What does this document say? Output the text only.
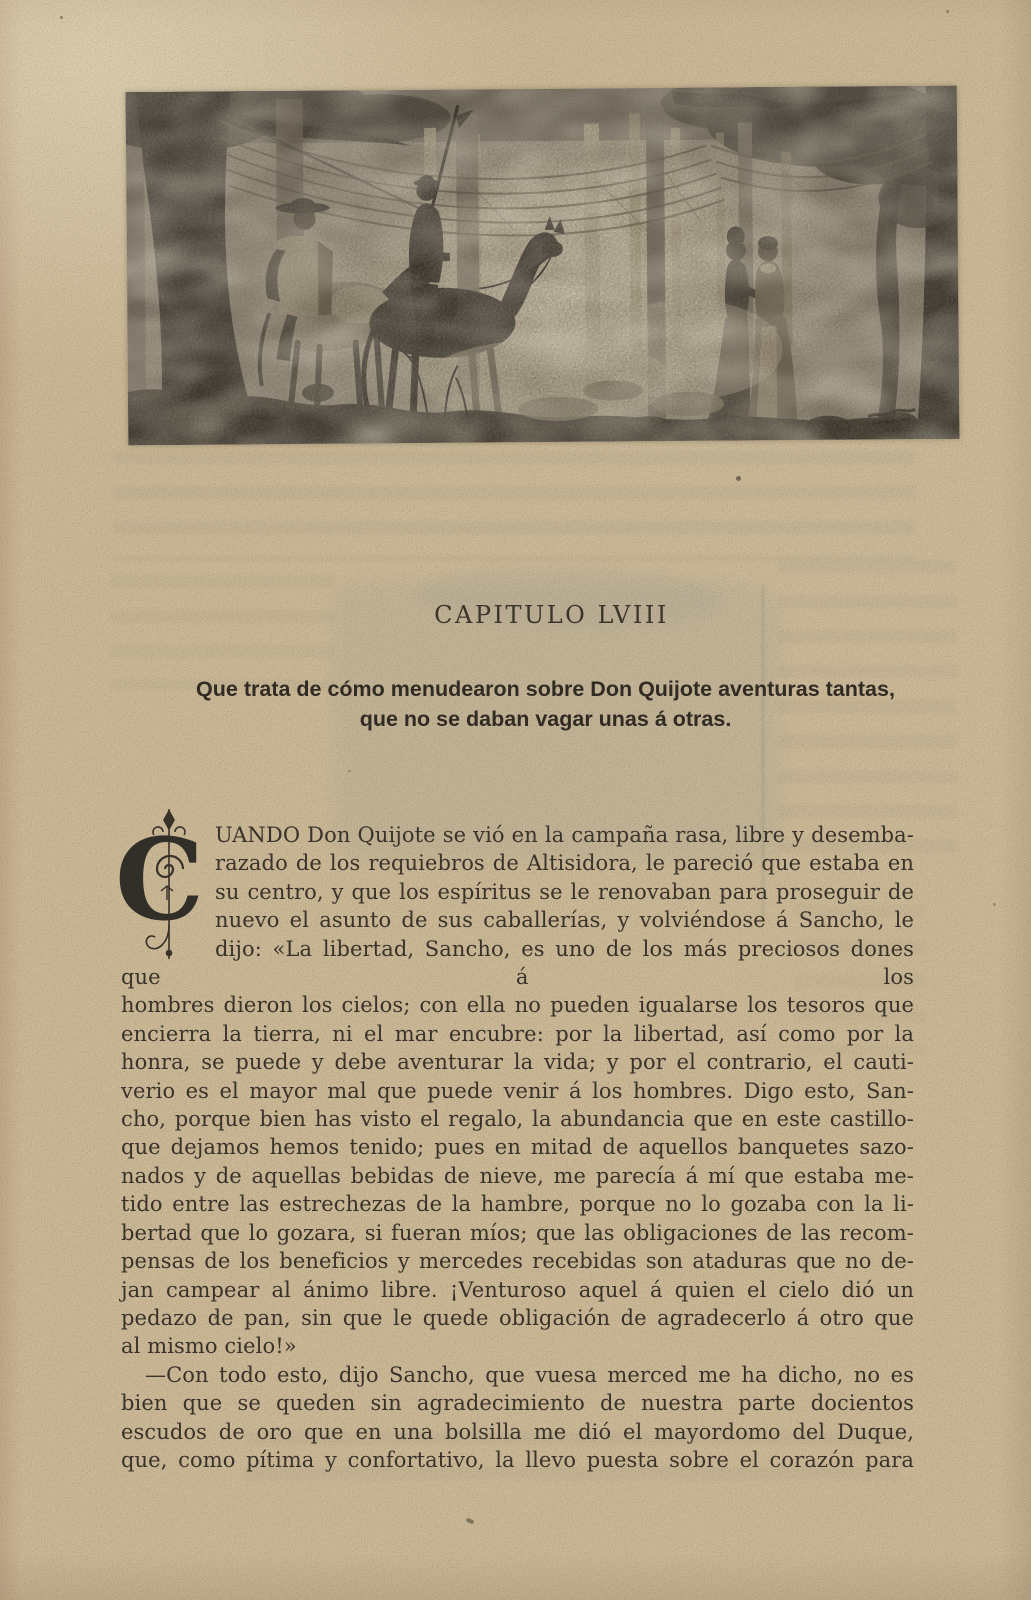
CAPITULO LVIII
Que trata de cómo menudearon sobre Don Quijote aventuras tantas,
que no se daban vagar unas á otras.
C UANDO Don Quijote se vió en la campaña rasa, libre y desemba-
razado de los requiebros de Altisidora, le pareció que estaba en
su centro, y que los espíritus se le renovaban para proseguir de
nuevo el asunto de sus caballerías, y volviéndose á Sancho, le
dijo: «La libertad, Sancho, es uno de los más preciosos dones que á los
hombres dieron los cielos; con ella no pueden igualarse los tesoros que
encierra la tierra, ni el mar encubre: por la libertad, así como por la
honra, se puede y debe aventurar la vida; y por el contrario, el cauti-
verio es el mayor mal que puede venir á los hombres. Digo esto, San-
cho, porque bien has visto el regalo, la abundancia que en este castillo-
que dejamos hemos tenido; pues en mitad de aquellos banquetes sazo-
nados y de aquellas bebidas de nieve, me parecía á mí que estaba me-
tido entre las estrechezas de la hambre, porque no lo gozaba con la li-
bertad que lo gozara, si fueran míos; que las obligaciones de las recom-
pensas de los beneficios y mercedes recebidas son ataduras que no de-
jan campear al ánimo libre. ¡Venturoso aquel á quien el cielo dió un
pedazo de pan, sin que le quede obligación de agradecerlo á otro que
al mismo cielo!»
—Con todo esto, dijo Sancho, que vuesa merced me ha dicho, no es
bien que se queden sin agradecimiento de nuestra parte docientos
escudos de oro que en una bolsilla me dió el mayordomo del Duque,
que, como pítima y confortativo, la llevo puesta sobre el corazón para
